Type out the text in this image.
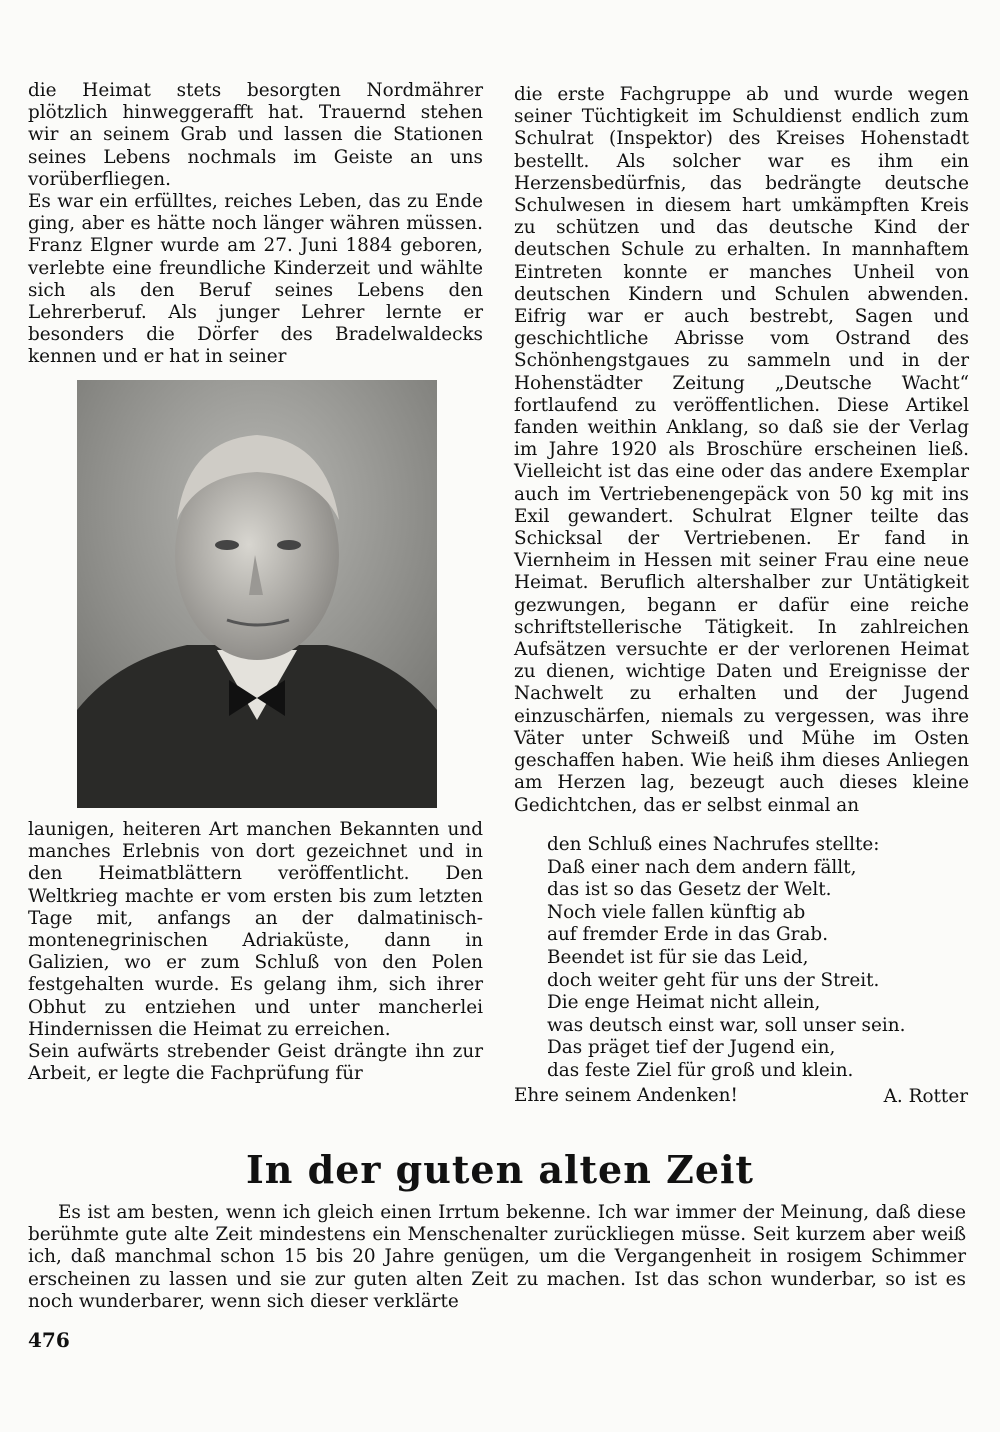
die Heimat stets besorgten Nordmährer plötzlich hinweggerafft hat. Trauernd stehen wir an seinem Grab und lassen die Stationen seines Lebens nochmals im Geiste an uns vorüberfliegen.

Es war ein erfülltes, reiches Leben, das zu Ende ging, aber es hätte noch länger währen müssen. Franz Elgner wurde am 27. Juni 1884 geboren, verlebte eine freundliche Kinderzeit und wählte sich als den Beruf seines Lebens den Lehrerberuf. Als junger Lehrer lernte er besonders die Dörfer des Bradelwaldecks kennen und er hat in seiner

launigen, heiteren Art manchen Bekannten und manches Erlebnis von dort gezeichnet und in den Heimatblättern veröffentlicht. Den Weltkrieg machte er vom ersten bis zum letzten Tage mit, anfangs an der dalmatinisch-montenegrinischen Adriaküste, dann in Galizien, wo er zum Schluß von den Polen festgehalten wurde. Es gelang ihm, sich ihrer Obhut zu entziehen und unter mancherlei Hindernissen die Heimat zu erreichen.

Sein aufwärts strebender Geist drängte ihn zur Arbeit, er legte die Fachprüfung für

die erste Fachgruppe ab und wurde wegen seiner Tüchtigkeit im Schuldienst endlich zum Schulrat (Inspektor) des Kreises Hohenstadt bestellt. Als solcher war es ihm ein Herzensbedürfnis, das bedrängte deutsche Schulwesen in diesem hart umkämpften Kreis zu schützen und das deutsche Kind der deutschen Schule zu erhalten. In mannhaftem Eintreten konnte er manches Unheil von deutschen Kindern und Schulen abwenden. Eifrig war er auch bestrebt, Sagen und geschichtliche Abrisse vom Ostrand des Schönhengstgaues zu sammeln und in der Hohenstädter Zeitung „Deutsche Wacht“ fortlaufend zu veröffentlichen. Diese Artikel fanden weithin Anklang, so daß sie der Verlag im Jahre 1920 als Broschüre erscheinen ließ. Vielleicht ist das eine oder das andere Exemplar auch im Vertriebenengepäck von 50 kg mit ins Exil gewandert. Schulrat Elgner teilte das Schicksal der Vertriebenen. Er fand in Viernheim in Hessen mit seiner Frau eine neue Heimat. Beruflich altershalber zur Untätigkeit gezwungen, begann er dafür eine reiche schriftstellerische Tätigkeit. In zahlreichen Aufsätzen versuchte er der verlorenen Heimat zu dienen, wichtige Daten und Ereignisse der Nachwelt zu erhalten und der Jugend einzuschärfen, niemals zu vergessen, was ihre Väter unter Schweiß und Mühe im Osten geschaffen haben. Wie heiß ihm dieses Anliegen am Herzen lag, bezeugt auch dieses kleine Gedichtchen, das er selbst einmal an

den Schluß eines Nachrufes stellte:
Daß einer nach dem andern fällt,
das ist so das Gesetz der Welt.
Noch viele fallen künftig ab
auf fremder Erde in das Grab.
Beendet ist für sie das Leid,
doch weiter geht für uns der Streit.
Die enge Heimat nicht allein,
was deutsch einst war, soll unser sein.
Das präget tief der Jugend ein,
das feste Ziel für groß und klein.
Ehre seinem Andenken!	A. Rotter
In der guten alten Zeit

Es ist am besten, wenn ich gleich einen Irrtum bekenne. Ich war immer der Meinung, daß diese berühmte gute alte Zeit mindestens ein Menschenalter zurückliegen müsse. Seit kurzem aber weiß ich, daß manchmal schon 15 bis 20 Jahre genügen, um die Vergangenheit in rosigem Schimmer erscheinen zu lassen und sie zur guten alten Zeit zu machen. Ist das schon wunderbar, so ist es noch wunderbarer, wenn sich dieser verklärte

476
